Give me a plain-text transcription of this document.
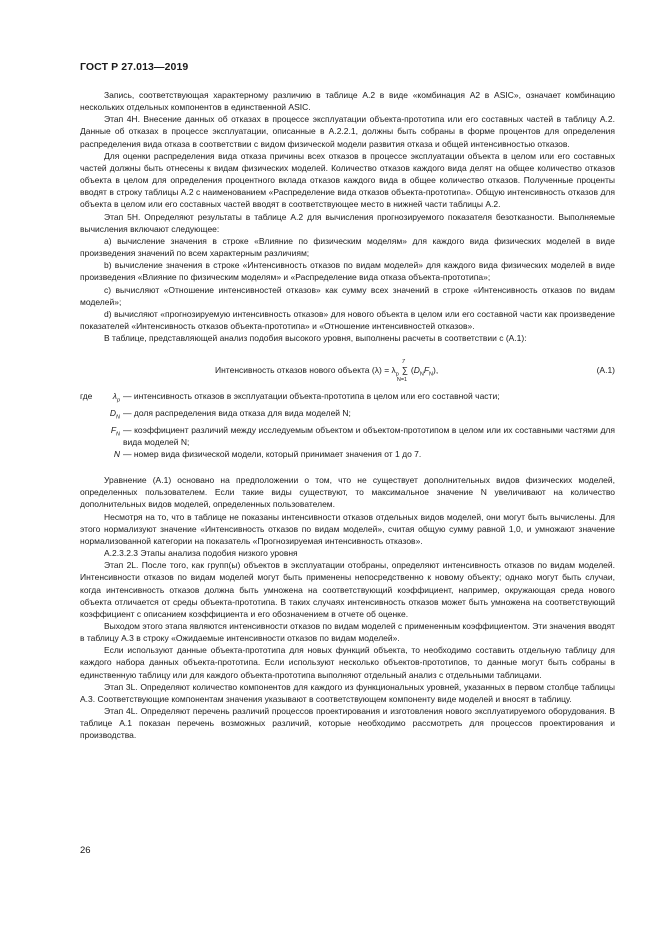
ГОСТ Р 27.013—2019

Запись, соответствующая характерному различию в таблице А.2 в виде «комбинация А2 в ASIC», означает комбинацию нескольких отдельных компонентов в единственной ASIC.

Этап 4Н. Внесение данных об отказах в процессе эксплуатации объекта-прототипа или его составных частей в таблицу А.2. Данные об отказах в процессе эксплуатации, описанные в А.2.2.1, должны быть собраны в форме процентов для определения распределения вида отказа в соответствии с видом физической модели развития отказа и общей интенсивностью отказов.

Для оценки распределения вида отказа причины всех отказов в процессе эксплуатации объекта в целом или его составных частей должны быть отнесены к видам физических моделей. Количество отказов каждого вида делят на общее количество отказов объекта в целом для определения процентного вклада отказов каждого вида в общее количество отказов. Полученные проценты вводят в строку таблицы А.2 с наименованием «Распределение вида отказов объекта-прототипа». Общую интенсивность отказов для объекта в целом или его составных частей вводят в соответствующее место в нижней части таблицы А.2.

Этап 5Н. Определяют результаты в таблице А.2 для вычисления прогнозируемого показателя безотказности. Выполняемые вычисления включают следующее:

a) вычисление значения в строке «Влияние по физическим моделям» для каждого вида физических моделей в виде произведения значений по всем характерным различиям;

b) вычисление значения в строке «Интенсивность отказов по видам моделей» для каждого вида физических моделей в виде произведения «Влияние по физическим моделям» и «Распределение вида отказа объекта-прототипа»;

c) вычисляют «Отношение интенсивностей отказов» как сумму всех значений в строке «Интенсивность отказов по видам моделей»;

d) вычисляют «прогнозируемую интенсивность отказов» для нового объекта в целом или его составной части как произведение показателей «Интенсивность отказов объекта-прототипа» и «Отношение интенсивностей отказов».

В таблице, представляющей анализ подобия высокого уровня, выполнены расчеты в соответствии с (А.1):

Интенсивность отказов нового объекта $(\lambda) = \lambda_p$ ∑
7
N=1
$(D_NF_N)$,	(А.1)
где	$\lambda_p$ — интенсивность отказов в эксплуатации объекта-прототипа в целом или его составной части;
$D_N$ — доля распределения вида отказа для вида моделей N;
$F_N$ — коэффициент различий между исследуемым объектом и объектом-прототипом в целом или их составными частями для вида моделей N;
N — номер вида физической модели, который принимает значения от 1 до 7.

Уравнение (А.1) основано на предположении о том, что не существует дополнительных видов физических моделей, определенных пользователем. Если такие виды существуют, то максимальное значение N увеличивают на количество дополнительных видов моделей, определенных пользователем.

Несмотря на то, что в таблице не показаны интенсивности отказов отдельных видов моделей, они могут быть вычислены. Для этого нормализуют значение «Интенсивность отказов по видам моделей», считая общую сумму равной 1,0, и умножают значение нормализованной категории на показатель «Прогнозируемая интенсивность отказов».

А.2.3.2.3 Этапы анализа подобия низкого уровня

Этап 2L. После того, как групп(ы) объектов в эксплуатации отобраны, определяют интенсивность отказов по видам моделей. Интенсивности отказов по видам моделей могут быть применены непосредственно к новому объекту; однако могут быть случаи, когда интенсивность отказов должна быть умножена на соответствующий коэффициент, например, окружающая среда нового объекта отличается от среды объекта-прототипа. В таких случаях интенсивность отказов может быть умножена на соответствующий коэффициент с описанием коэффициента и его обозначением в отчете об оценке.

Выходом этого этапа являются интенсивности отказов по видам моделей с примененным коэффициентом. Эти значения вводят в таблицу А.3 в строку «Ожидаемые интенсивности отказов по видам моделей».

Если используют данные объекта-прототипа для новых функций объекта, то необходимо составить отдельную таблицу для каждого набора данных объекта-прототипа. Если используют несколько объектов-прототипов, то данные могут быть собраны в единственную таблицу или для каждого объекта-прототипа выполняют отдельный анализ с отдельными таблицами.

Этап 3L. Определяют количество компонентов для каждого из функциональных уровней, указанных в первом столбце таблицы А.3. Соответствующие компонентам значения указывают в соответствующем компоненту виде моделей и вносят в таблицу.

Этап 4L. Определяют перечень различий процессов проектирования и изготовления нового эксплуатируемого оборудования. В таблице А.1 показан перечень возможных различий, которые необходимо рассмотреть для процессов проектирования и производства.

26
